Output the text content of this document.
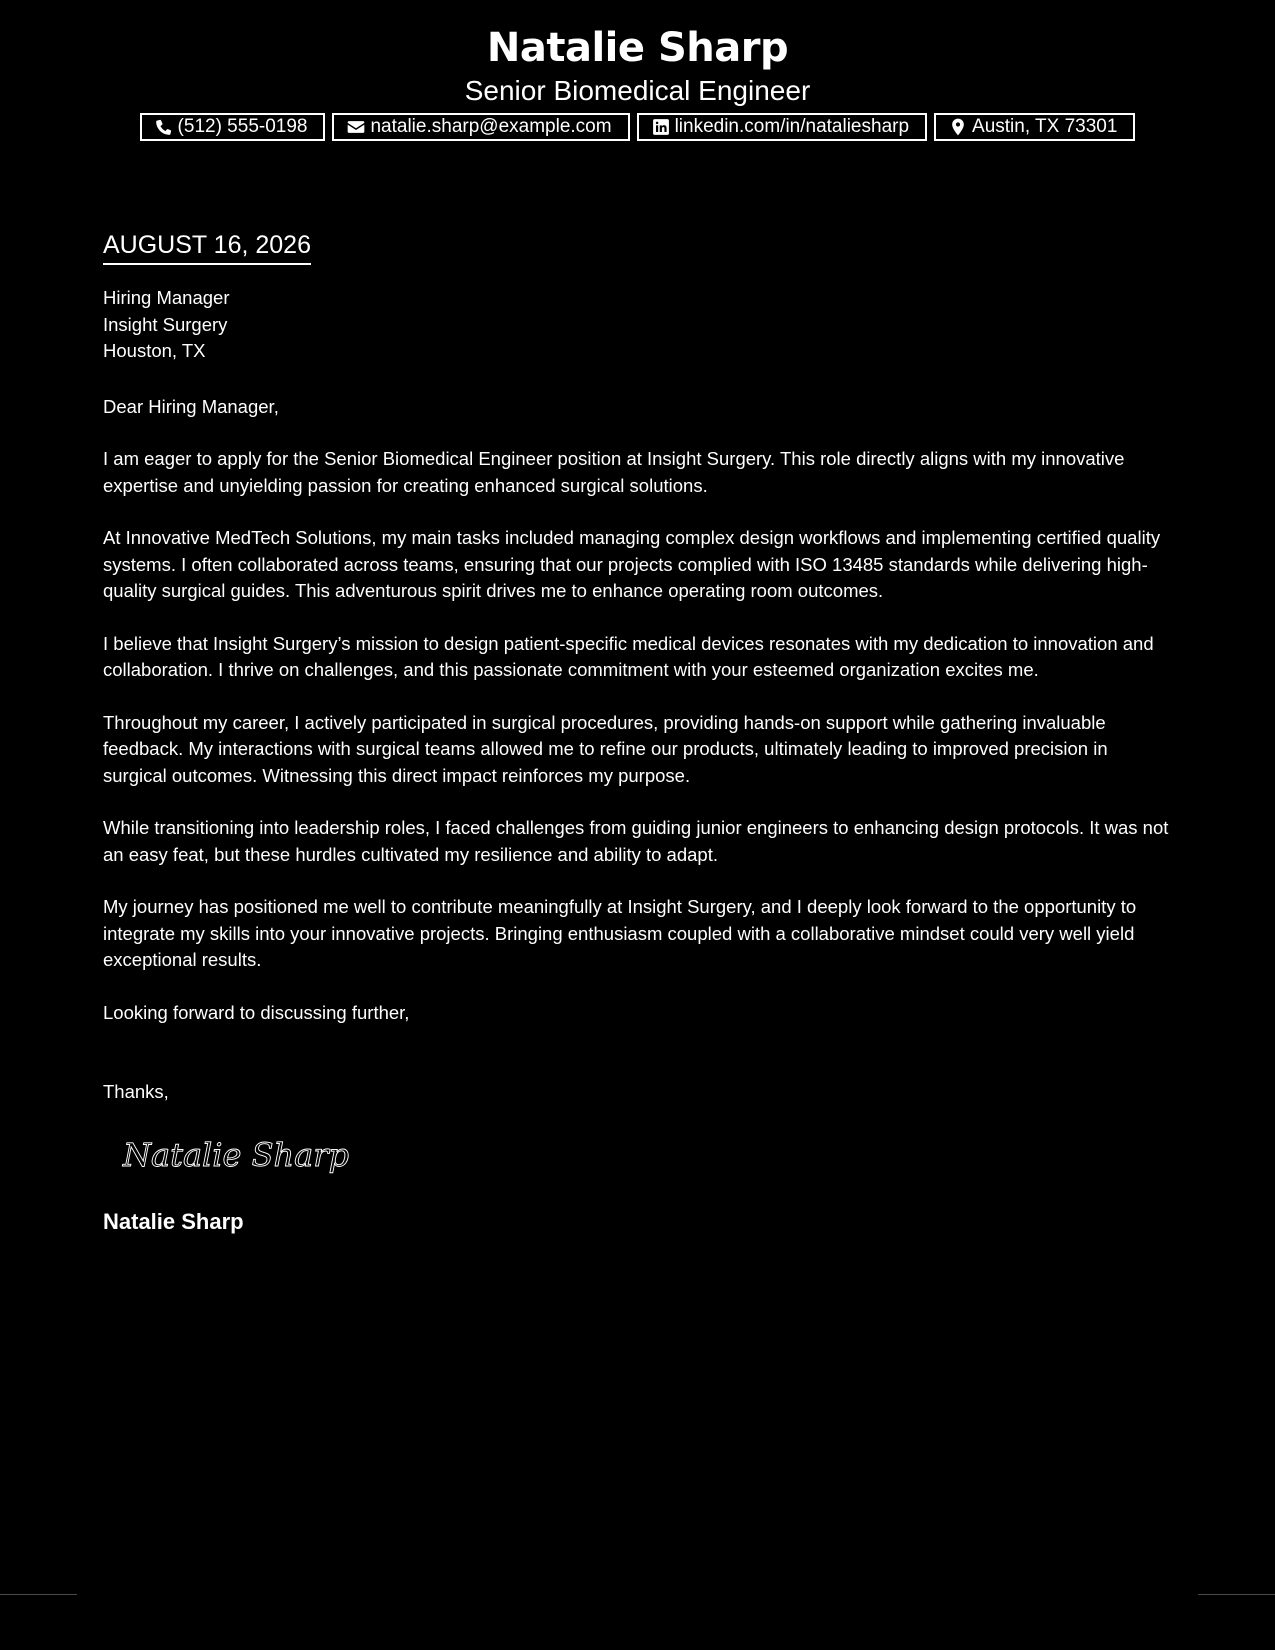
Natalie Sharp

Senior Biomedical Engineer

(512) 555-0198	natalie.sharp@example.com	linkedin.com/in/nataliesharp	Austin, TX 73301
AUGUST 16, 2026

Hiring Manager

Insight Surgery

Houston, TX

Dear Hiring Manager,

I am eager to apply for the Senior Biomedical Engineer position at Insight Surgery. This role directly aligns with my innovative expertise and unyielding passion for creating enhanced surgical solutions.

At Innovative MedTech Solutions, my main tasks included managing complex design workflows and implementing certified quality systems. I often collaborated across teams, ensuring that our projects complied with ISO 13485 standards while delivering high-quality surgical guides. This adventurous spirit drives me to enhance operating room outcomes.

I believe that Insight Surgery’s mission to design patient-specific medical devices resonates with my dedication to innovation and collaboration. I thrive on challenges, and this passionate commitment with your esteemed organization excites me.

Throughout my career, I actively participated in surgical procedures, providing hands-on support while gathering invaluable feedback. My interactions with surgical teams allowed me to refine our products, ultimately leading to improved precision in surgical outcomes. Witnessing this direct impact reinforces my purpose.

While transitioning into leadership roles, I faced challenges from guiding junior engineers to enhancing design protocols. It was not an easy feat, but these hurdles cultivated my resilience and ability to adapt.

My journey has positioned me well to contribute meaningfully at Insight Surgery, and I deeply look forward to the opportunity to integrate my skills into your innovative projects. Bringing enthusiasm coupled with a collaborative mindset could very well yield exceptional results.

Looking forward to discussing further,

Thanks,

Natalie Sharp

Natalie Sharp
